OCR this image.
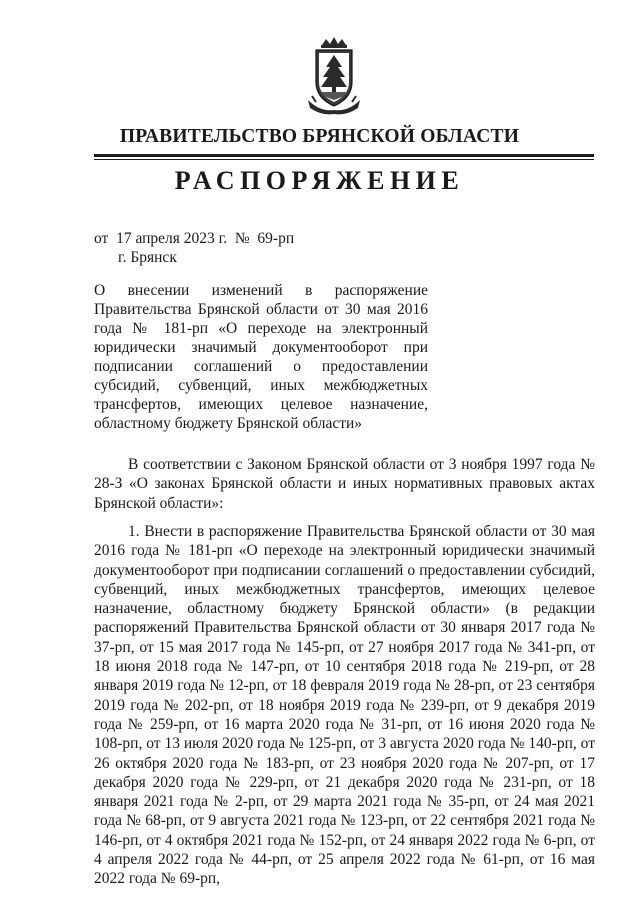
ПРАВИТЕЛЬСТВО БРЯНСКОЙ ОБЛАСТИ
РАСПОРЯЖЕНИЕ
от  17 апреля 2023 г.  №  69-рп
г. Брянск
О внесении изменений в распоряжение Правительства Брянской области от 30 мая 2016 года № 181-рп «О переходе на электронный юридически значимый документооборот при подписании соглашений о предоставлении субсидий, субвенций, иных межбюджетных трансфертов, имеющих целевое назначение, областному бюджету Брянской области»
В соответствии с Законом Брянской области от 3 ноября 1997 года № 28-З «О законах Брянской области и иных нормативных правовых актах Брянской области»:
1. Внести в распоряжение Правительства Брянской области от 30 мая 2016 года № 181-рп «О переходе на электронный юридически значимый документооборот при подписании соглашений о предоставлении субсидий, субвенций, иных межбюджетных трансфертов, имеющих целевое назначение, областному бюджету Брянской области» (в редакции распоряжений Правительства Брянской области от 30 января 2017 года № 37-рп, от 15 мая 2017 года № 145-рп, от 27 ноября 2017 года № 341-рп, от 18 июня 2018 года № 147-рп, от 10 сентября 2018 года № 219-рп, от 28 января 2019 года № 12-рп, от 18 февраля 2019 года № 28-рп, от 23 сентября 2019 года № 202-рп, от 18 ноября 2019 года № 239-рп, от 9 декабря 2019 года № 259-рп, от 16 марта 2020 года № 31-рп, от 16 июня 2020 года № 108-рп, от 13 июля 2020 года № 125-рп, от 3 августа 2020 года № 140-рп, от 26 октября 2020 года № 183-рп, от 23 ноября 2020 года № 207-рп, от 17 декабря 2020 года № 229-рп, от 21 декабря 2020 года № 231-рп, от 18 января 2021 года № 2-рп, от 29 марта 2021 года № 35-рп, от 24 мая 2021 года № 68-рп, от 9 августа 2021 года № 123-рп, от 22 сентября 2021 года № 146-рп, от 4 октября 2021 года № 152-рп, от 24 января 2022 года № 6-рп, от 4 апреля 2022 года № 44-рп, от 25 апреля 2022 года № 61-рп, от 16 мая 2022 года № 69-рп,
